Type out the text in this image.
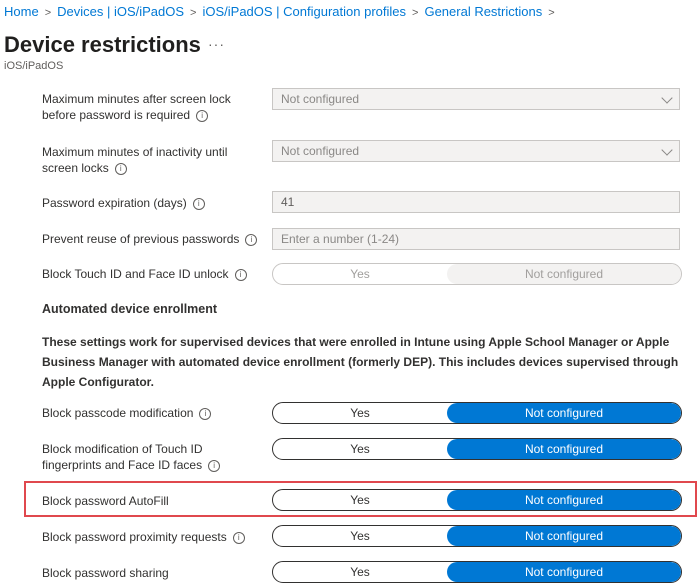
Home > Devices | iOS/iPadOS > iOS/iPadOS | Configuration profiles > General Restrictions >
Device restrictions ···
iOS/iPadOS
Maximum minutes after screen lock
before password is required i
Not configured
Maximum minutes of inactivity until
screen locks i
Not configured
Password expiration (days) i	41
Prevent reuse of previous passwords i	Enter a number (1-24)
Block Touch ID and Face ID unlock i	Yes	Not configured
Automated device enrollment
These settings work for supervised devices that were enrolled in Intune using Apple School Manager or Apple Business Manager with automated device enrollment (formerly DEP). This includes devices supervised through Apple Configurator.
Block passcode modification i	Yes	Not configured
Block modification of Touch ID
fingerprints and Face ID faces i
Yes	Not configured
Block password AutoFill	Yes	Not configured
Block password proximity requests i	Yes	Not configured
Block password sharing	Yes	Not configured
